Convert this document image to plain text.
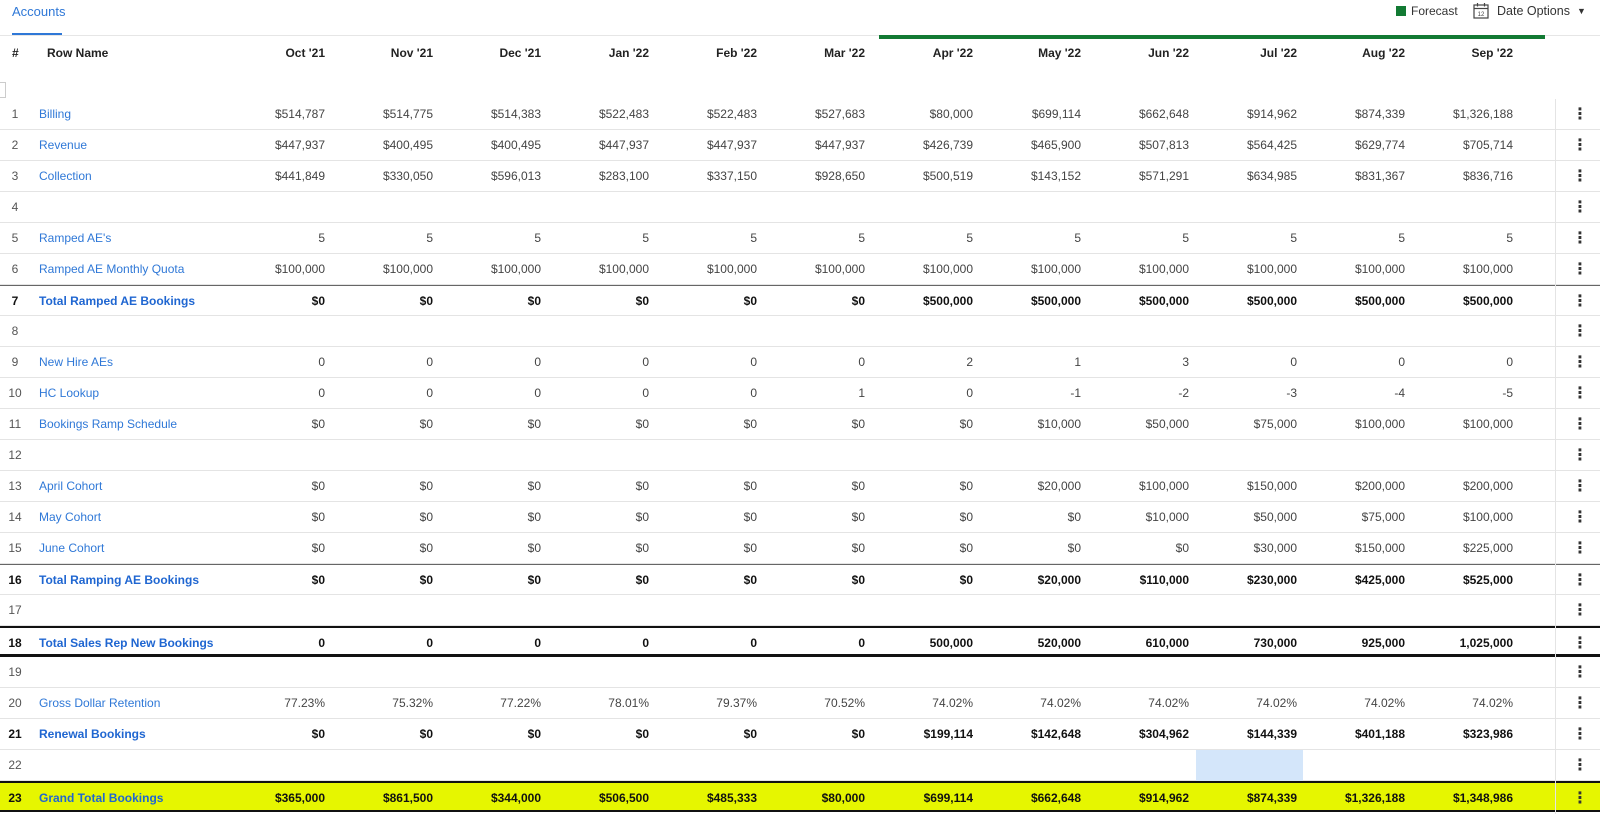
Accounts	Forecast	12 Date Options ▼
# Row Name	Oct '21	Nov '21	Dec '21	Jan '22	Feb '22	Mar '22	Apr '22	May '22	Jun '22	Jul '22	Aug '22	Sep '22
1	Billing	$514,787	$514,775	$514,383	$522,483	$522,483	$527,683	$80,000	$699,114	$662,648	$914,962	$874,339	$1,326,188	⋮
2	Revenue	$447,937	$400,495	$400,495	$447,937	$447,937	$447,937	$426,739	$465,900	$507,813	$564,425	$629,774	$705,714	⋮
3	Collection	$441,849	$330,050	$596,013	$283,100	$337,150	$928,650	$500,519	$143,152	$571,291	$634,985	$831,367	$836,716	⋮
4	⋮
5	Ramped AE's	5	5	5	5	5	5	5	5	5	5	5	5	⋮
6	Ramped AE Monthly Quota	$100,000	$100,000	$100,000	$100,000	$100,000	$100,000	$100,000	$100,000	$100,000	$100,000	$100,000	$100,000	⋮
7	Total Ramped AE Bookings	$0	$0	$0	$0	$0	$0	$500,000	$500,000	$500,000	$500,000	$500,000	$500,000	⋮
8	⋮
9	New Hire AEs	0	0	0	0	0	0	2	1	3	0	0	0	⋮
10	HC Lookup	0	0	0	0	0	1	0	-1	-2	-3	-4	-5	⋮
11	Bookings Ramp Schedule	$0	$0	$0	$0	$0	$0	$0	$10,000	$50,000	$75,000	$100,000	$100,000	⋮
12	⋮
13	April Cohort	$0	$0	$0	$0	$0	$0	$0	$20,000	$100,000	$150,000	$200,000	$200,000	⋮
14	May Cohort	$0	$0	$0	$0	$0	$0	$0	$0	$10,000	$50,000	$75,000	$100,000	⋮
15	June Cohort	$0	$0	$0	$0	$0	$0	$0	$0	$0	$30,000	$150,000	$225,000	⋮
16	Total Ramping AE Bookings	$0	$0	$0	$0	$0	$0	$0	$20,000	$110,000	$230,000	$425,000	$525,000	⋮
17	⋮
18	Total Sales Rep New Bookings	0	0	0	0	0	0	500,000	520,000	610,000	730,000	925,000	1,025,000	⋮
19	⋮
20	Gross Dollar Retention	77.23%	75.32%	77.22%	78.01%	79.37%	70.52%	74.02%	74.02%	74.02%	74.02%	74.02%	74.02%	⋮
21	Renewal Bookings	$0	$0	$0	$0	$0	$0	$199,114	$142,648	$304,962	$144,339	$401,188	$323,986	⋮
22	⋮
23	Grand Total Bookings	$365,000	$861,500	$344,000	$506,500	$485,333	$80,000	$699,114	$662,648	$914,962	$874,339	$1,326,188	$1,348,986	⋮
